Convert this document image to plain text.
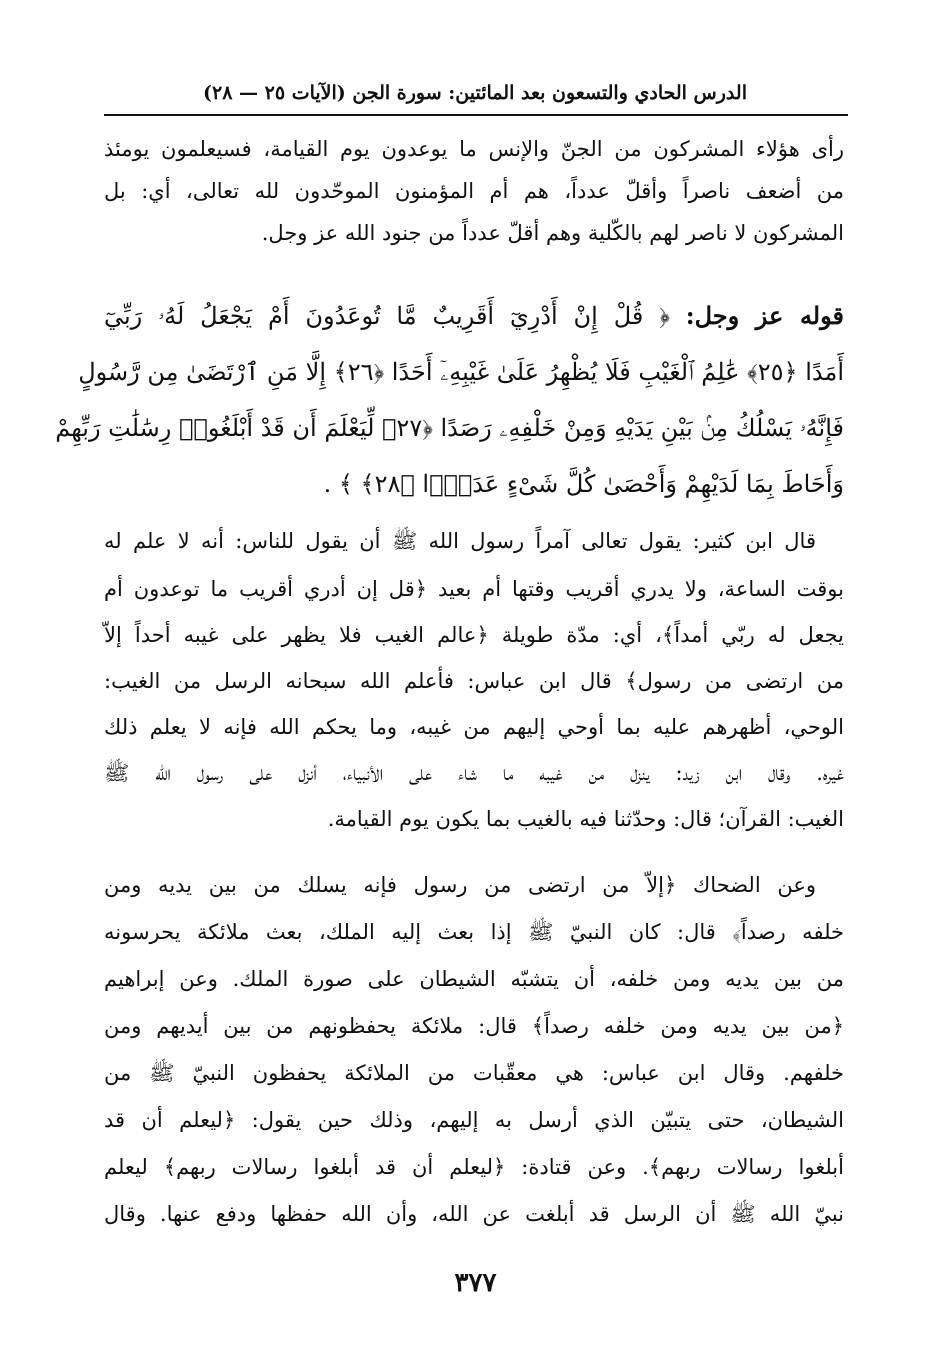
الدرس الحادي والتسعون بعد المائتين: سورة الجن (الآيات ٢٥ — ٢٨)
رأى هؤلاء المشركون من الجنّ والإنس ما يوعدون يوم القيامة، فسيعلمون يومئذ
من أضعف ناصراً وأقلّ عدداً، هم أم المؤمنون الموحّدون لله تعالى، أي: بل
المشركون لا ناصر لهم بالكّلية وهم أقلّ عدداً من جنود الله عز وجل.
قوله عز وجل: ﴿ قُلْ إِنْ أَدْرِيٓ أَقَرِيبٌ مَّا تُوعَدُونَ أَمْ يَجْعَلُ لَهُۥ رَبِّيٓ
أَمَدًا ﴿٢٥﴾ عَٰلِمُ ٱلْغَيْبِ فَلَا يُظْهِرُ عَلَىٰ غَيْبِهِۦٓ أَحَدًا ﴿٢٦﴾ إِلَّا مَنِ ٱرْتَضَىٰ مِن رَّسُولٍ
فَإِنَّهُۥ يَسْلُكُ مِنۢ بَيْنِ يَدَيْهِ وَمِنْ خَلْفِهِۦ رَصَدًا ﴿٢٧﴾ لِّيَعْلَمَ أَن قَدْ أَبْلَغُوا۟ رِسَٰلَٰتِ رَبِّهِمْ
وَأَحَاطَ بِمَا لَدَيْهِمْ وَأَحْصَىٰ كُلَّ شَىْءٍ عَدَدًۢا ﴿٢٨﴾ ﴾ .
قال ابن كثير: يقول تعالى آمراً رسول الله ﷺ أن يقول للناس: أنه لا علم له
بوقت الساعة، ولا يدري أقريب وقتها أم بعيد ﴿قل إن أدري أقريب ما توعدون أم
يجعل له ربّي أمداً﴾، أي: مدّة طويلة ﴿عالم الغيب فلا يظهر على غيبه أحداً إلاّ
من ارتضى من رسول﴾ قال ابن عباس: فأعلم الله سبحانه الرسل من الغيب:
الوحي، أظهرهم عليه بما أوحي إليهم من غيبه، وما يحكم الله فإنه لا يعلم ذلك
غيره. وقال ابن زيد: ينزل من غيبه ما شاء على الأنبياء، أنزل على رسول الله ﷺ
الغيب: القرآن؛ قال: وحدّثنا فيه بالغيب بما يكون يوم القيامة.
وعن الضحاك ﴿إلاّ من ارتضى من رسول فإنه يسلك من بين يديه ومن
خلفه رصداً﴾ قال: كان النبيّ ﷺ إذا بعث إليه الملك، بعث ملائكة يحرسونه
من بين يديه ومن خلفه، أن يتشبّه الشيطان على صورة الملك. وعن إبراهيم
﴿من بين يديه ومن خلفه رصداً﴾ قال: ملائكة يحفظونهم من بين أيديهم ومن
خلفهم. وقال ابن عباس: هي معقّبات من الملائكة يحفظون النبيّ ﷺ من
الشيطان، حتى يتبيّن الذي أرسل به إليهم، وذلك حين يقول: ﴿ليعلم أن قد
أبلغوا رسالات ربهم﴾. وعن قتادة: ﴿ليعلم أن قد أبلغوا رسالات ربهم﴾ ليعلم
نبيّ الله ﷺ أن الرسل قد أبلغت عن الله، وأن الله حفظها ودفع عنها. وقال
٣٧٧
